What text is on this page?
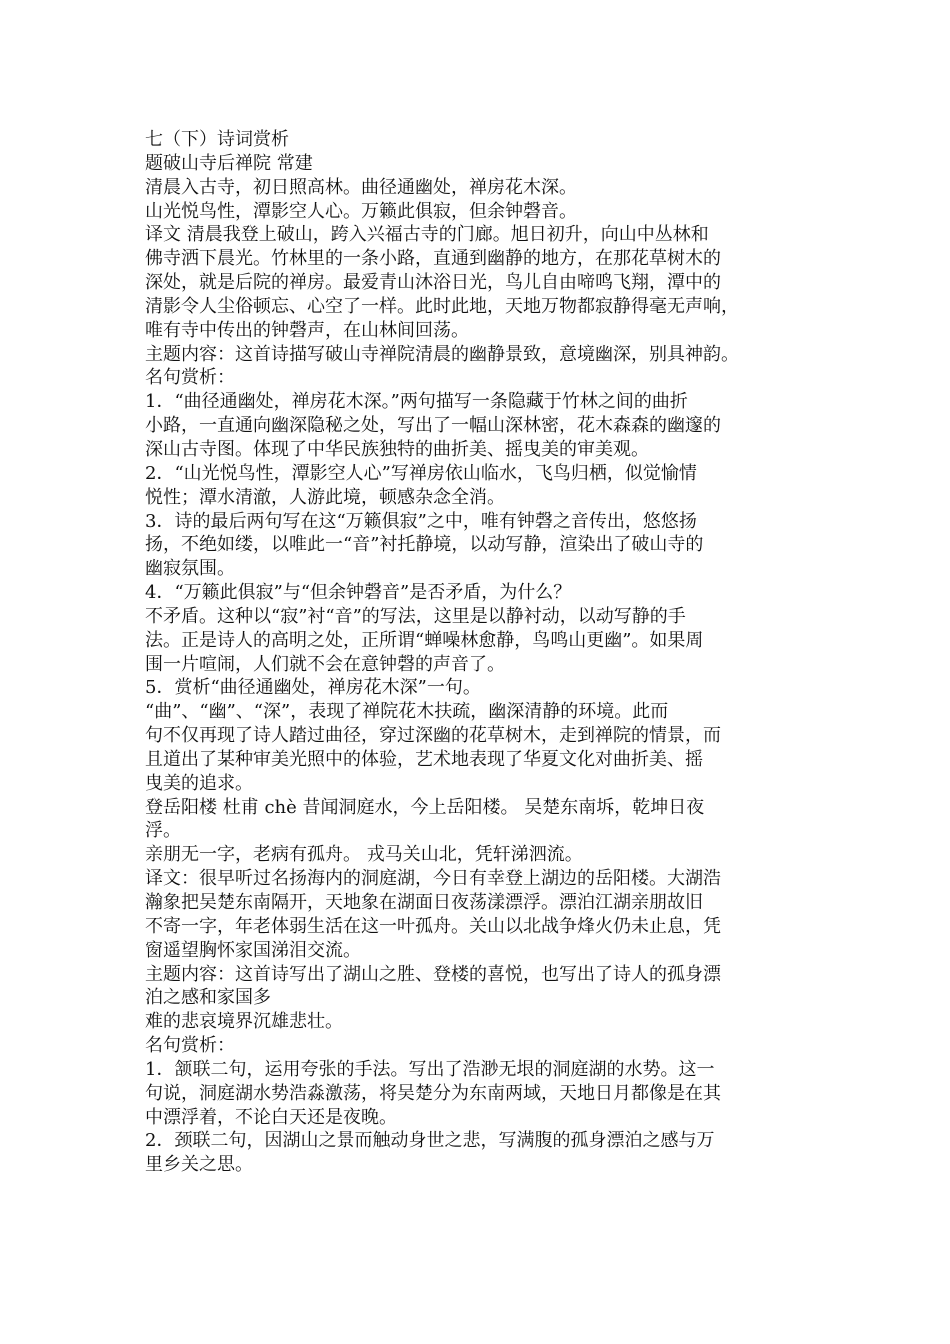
七（下）诗词赏析
题破山寺后禅院 常建
清晨入古寺，初日照高林。曲径通幽处，禅房花木深。
山光悦鸟性，潭影空人心。万籁此俱寂，但余钟磬音。
译文 清晨我登上破山，跨入兴福古寺的门廊。旭日初升，向山中丛林和
佛寺洒下晨光。竹林里的一条小路，直通到幽静的地方，在那花草树木的
深处，就是后院的禅房。最爱青山沐浴日光，鸟儿自由啼鸣飞翔，潭中的
清影令人尘俗顿忘、心空了一样。此时此地，天地万物都寂静得毫无声响，
唯有寺中传出的钟磬声，在山林间回荡。
主题内容：这首诗描写破山寺禅院清晨的幽静景致，意境幽深，别具神韵。
名句赏析：
1．“曲径通幽处，禅房花木深。”两句描写一条隐藏于竹林之间的曲折
小路，一直通向幽深隐秘之处，写出了一幅山深林密，花木森森的幽邃的
深山古寺图。体现了中华民族独特的曲折美、摇曳美的审美观。
2．“山光悦鸟性，潭影空人心”写禅房依山临水，飞鸟归栖，似觉愉情
悦性；潭水清澈，人游此境，顿感杂念全消。
3．诗的最后两句写在这“万籁俱寂”之中，唯有钟磬之音传出，悠悠扬
扬，不绝如缕，以唯此一“音”衬托静境，以动写静，渲染出了破山寺的
幽寂氛围。
4．“万籁此俱寂”与“但余钟磬音”是否矛盾，为什么？
不矛盾。这种以“寂”衬“音”的写法，这里是以静衬动，以动写静的手
法。正是诗人的高明之处，正所谓“蝉噪林愈静，鸟鸣山更幽”。如果周
围一片喧闹，人们就不会在意钟磬的声音了。
5．赏析“曲径通幽处，禅房花木深”一句。
“曲”、“幽”、“深”，表现了禅院花木扶疏，幽深清静的环境。此而
句不仅再现了诗人踏过曲径，穿过深幽的花草树木，走到禅院的情景，而
且道出了某种审美光照中的体验，艺术地表现了华夏文化对曲折美、摇
曳美的追求。
登岳阳楼 杜甫 chè 昔闻洞庭水，今上岳阳楼。 吴楚东南坼，乾坤日夜
浮。
亲朋无一字，老病有孤舟。 戎马关山北，凭轩涕泗流。
译文：很早听过名扬海内的洞庭湖，今日有幸登上湖边的岳阳楼。大湖浩
瀚象把吴楚东南隔开，天地象在湖面日夜荡漾漂浮。漂泊江湖亲朋故旧
不寄一字，年老体弱生活在这一叶孤舟。关山以北战争烽火仍未止息，凭
窗遥望胸怀家国涕泪交流。
主题内容：这首诗写出了湖山之胜、登楼的喜悦，也写出了诗人的孤身漂
泊之感和家国多
难的悲哀境界沉雄悲壮。
名句赏析：
1．颔联二句，运用夸张的手法。写出了浩渺无垠的洞庭湖的水势。这一
句说，洞庭湖水势浩淼激荡，将吴楚分为东南两域，天地日月都像是在其
中漂浮着，不论白天还是夜晚。
2．颈联二句，因湖山之景而触动身世之悲，写满腹的孤身漂泊之感与万
里乡关之思。
